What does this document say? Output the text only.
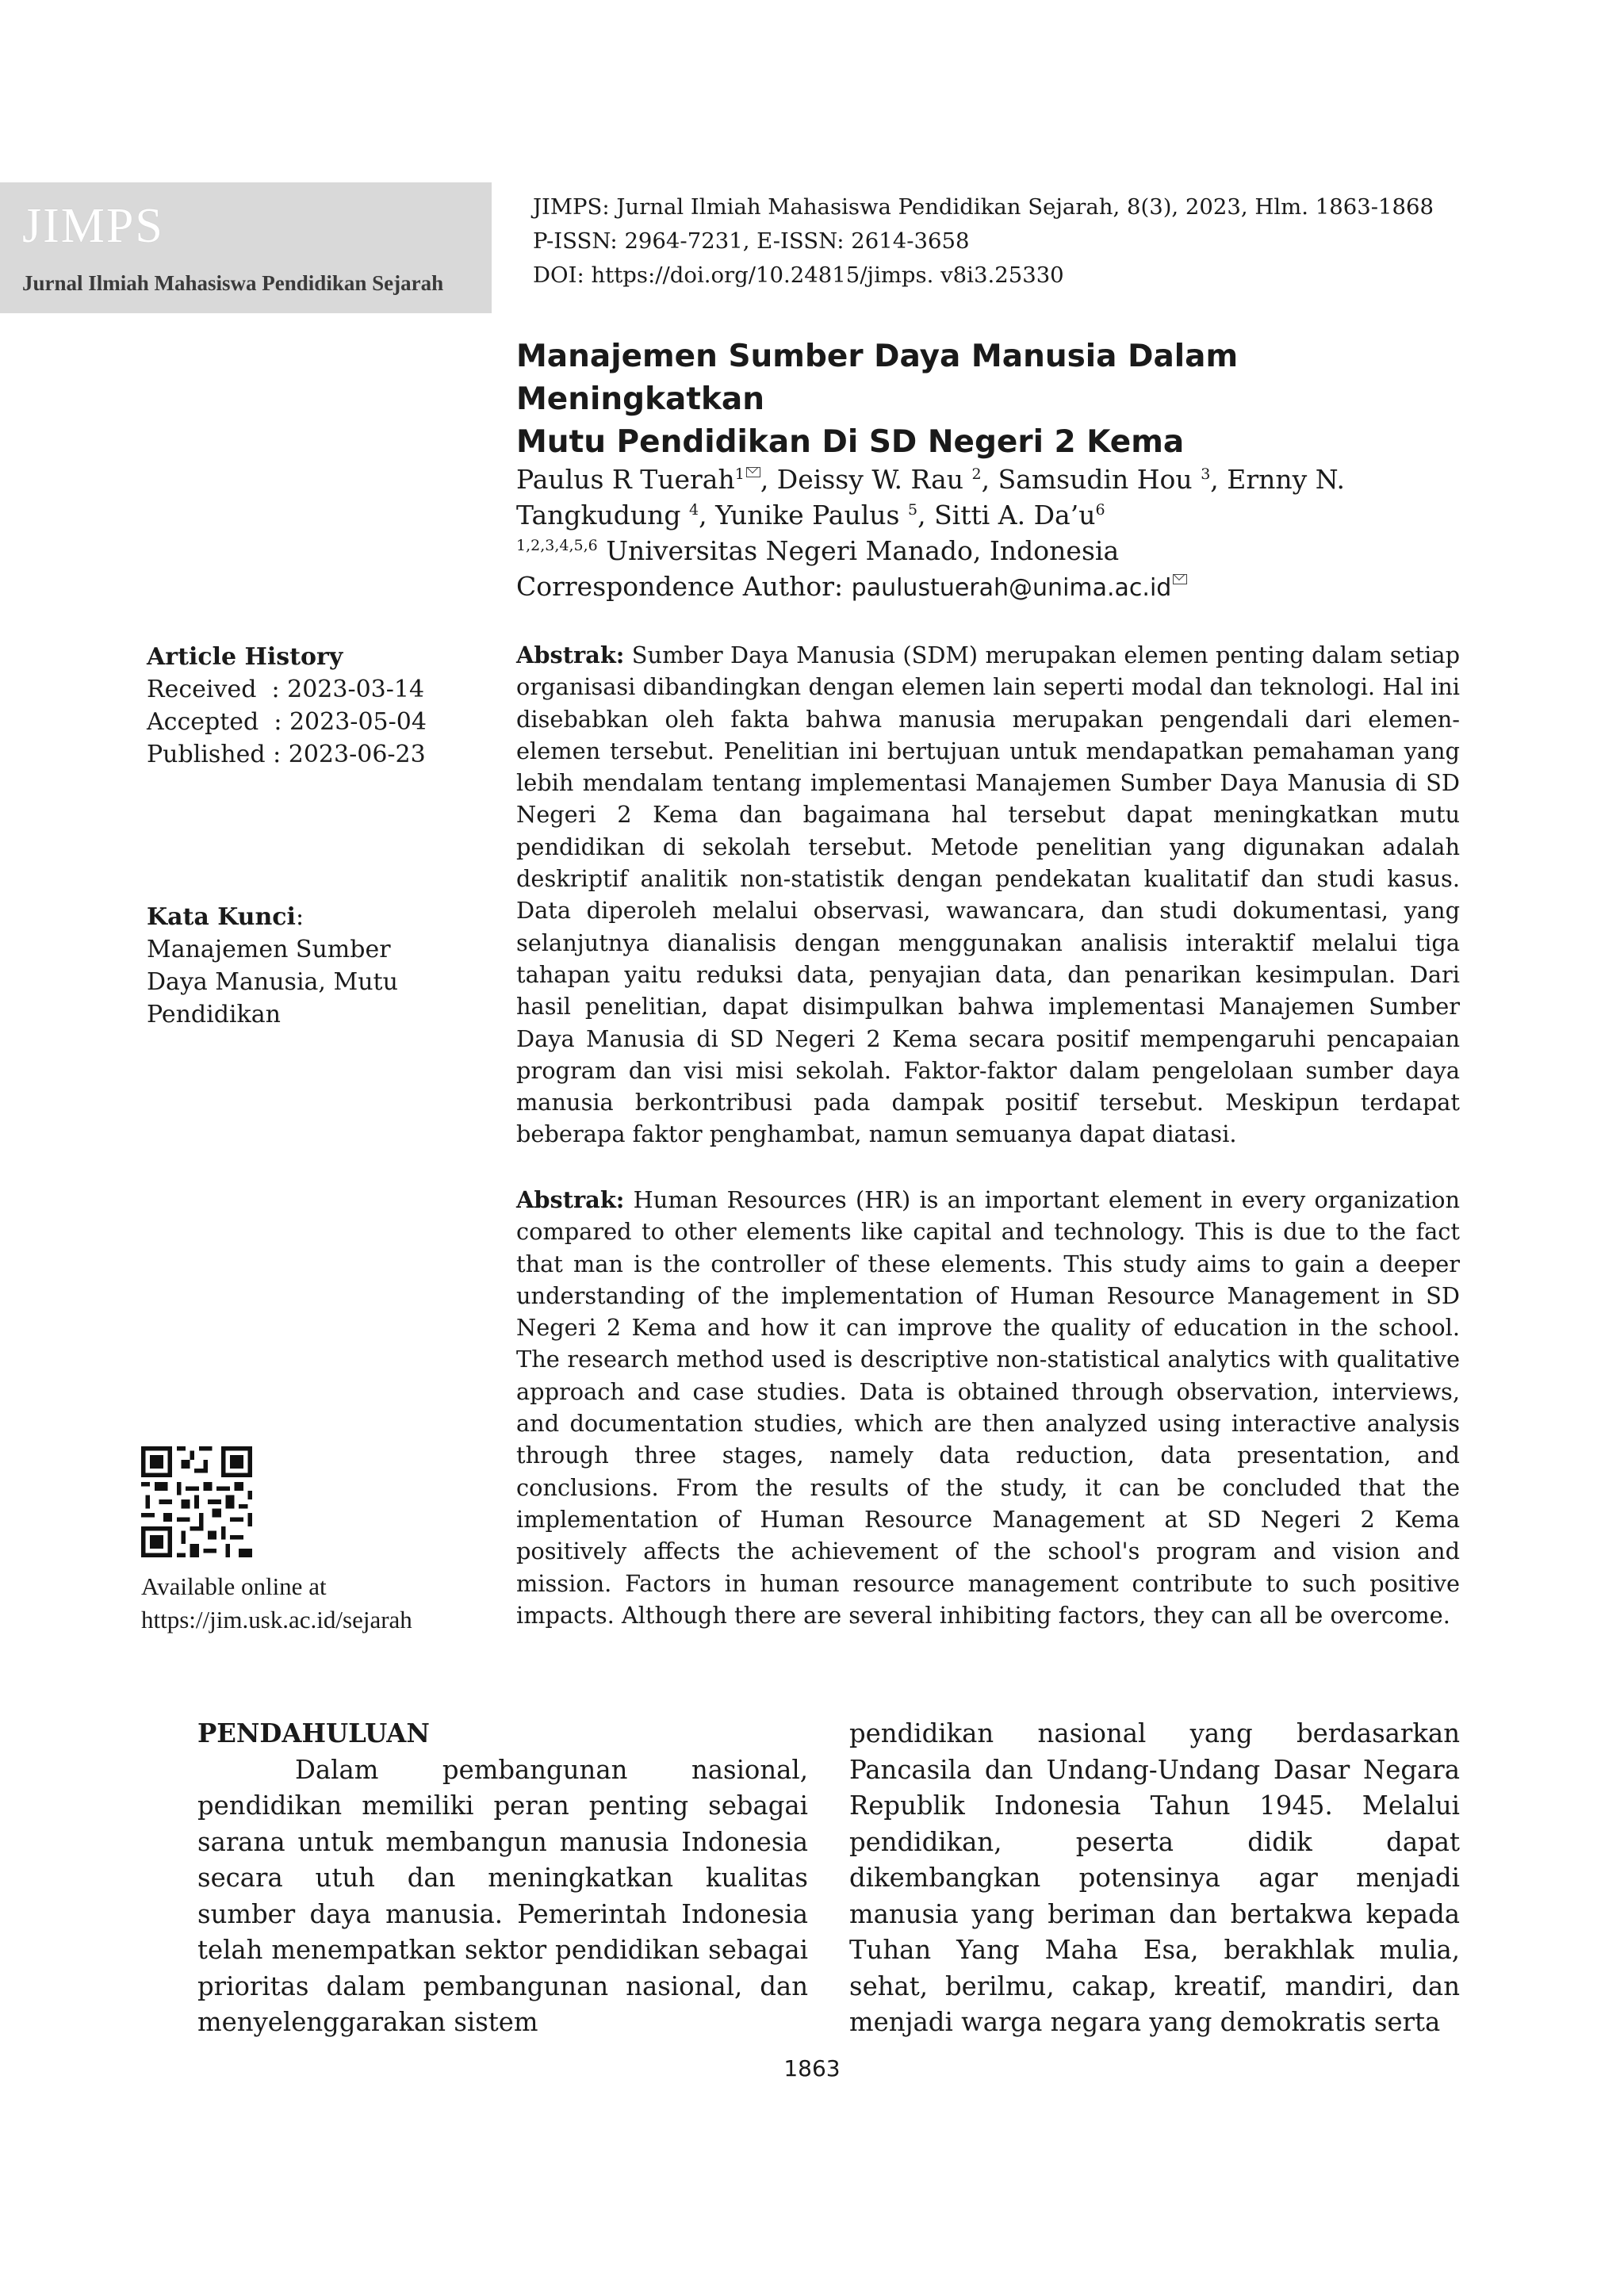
JIMPS
Jurnal Ilmiah Mahasiswa Pendidikan Sejarah
JIMPS: Jurnal Ilmiah Mahasiswa Pendidikan Sejarah, 8(3), 2023, Hlm. 1863-1868
P-ISSN: 2964-7231, E-ISSN: 2614-3658
DOI: https://doi.org/10.24815/jimps. v8i3.25330
Manajemen Sumber Daya Manusia Dalam Meningkatkan
Mutu Pendidikan Di SD Negeri 2 Kema
Paulus R Tuerah$^1$ , Deissy W. Rau $^2$, Samsudin Hou $^3$, Ernny N. Tangkudung $^4$, Yunike Paulus $^5$, Sitti A. $Da’u^6$
$^{1,2,3,4,5,6}$ Universitas Negeri Manado, Indonesia
Correspondence Author: paulustuerah@unima.ac.id
Article History
Received  : 2023-03-14
Accepted  : 2023-05-04
Published : 2023-06-23
Kata Kunci:
Manajemen Sumber
Daya Manusia, Mutu
Pendidikan
Available online at
https://jim.usk.ac.id/sejarah
Abstrak: Sumber Daya Manusia (SDM) merupakan elemen penting dalam setiap organisasi dibandingkan dengan elemen lain seperti modal dan teknologi. Hal ini disebabkan oleh fakta bahwa manusia merupakan pengendali dari elemen-elemen tersebut. Penelitian ini bertujuan untuk mendapatkan pemahaman yang lebih mendalam tentang implementasi Manajemen Sumber Daya Manusia di SD Negeri 2 Kema dan bagaimana hal tersebut dapat meningkatkan mutu pendidikan di sekolah tersebut. Metode penelitian yang digunakan adalah deskriptif analitik non-statistik dengan pendekatan kualitatif dan studi kasus. Data diperoleh melalui observasi, wawancara, dan studi dokumentasi, yang selanjutnya dianalisis dengan menggunakan analisis interaktif melalui tiga tahapan yaitu reduksi data, penyajian data, dan penarikan kesimpulan. Dari hasil penelitian, dapat disimpulkan bahwa implementasi Manajemen Sumber Daya Manusia di SD Negeri 2 Kema secara positif mempengaruhi pencapaian program dan visi misi sekolah. Faktor-faktor dalam pengelolaan sumber daya manusia berkontribusi pada dampak positif tersebut. Meskipun terdapat beberapa faktor penghambat, namun semuanya dapat diatasi.
Abstrak: Human Resources (HR) is an important element in every organization compared to other elements like capital and technology. This is due to the fact that man is the controller of these elements. This study aims to gain a deeper understanding of the implementation of Human Resource Management in SD Negeri 2 Kema and how it can improve the quality of education in the school. The research method used is descriptive non-statistical analytics with qualitative approach and case studies. Data is obtained through observation, interviews, and documentation studies, which are then analyzed using interactive analysis through three stages, namely data reduction, data presentation, and conclusions. From the results of the study, it can be concluded that the implementation of Human Resource Management at SD Negeri 2 Kema positively affects the achievement of the school's program and vision and mission. Factors in human resource management contribute to such positive impacts. Although there are several inhibiting factors, they can all be overcome.
PENDAHULUAN

Dalam pembangunan nasional, pendidikan memiliki peran penting sebagai sarana untuk membangun manusia Indonesia secara utuh dan meningkatkan kualitas sumber daya manusia. Pemerintah Indonesia telah menempatkan sektor pendidikan sebagai prioritas dalam pembangunan nasional, dan menyelenggarakan sistem

pendidikan nasional yang berdasarkan Pancasila dan Undang-Undang Dasar Negara Republik Indonesia Tahun 1945. Melalui pendidikan, peserta didik dapat dikembangkan potensinya agar menjadi manusia yang beriman dan bertakwa kepada Tuhan Yang Maha Esa, berakhlak mulia, sehat, berilmu, cakap, kreatif, mandiri, dan menjadi warga negara yang demokratis serta

1863
